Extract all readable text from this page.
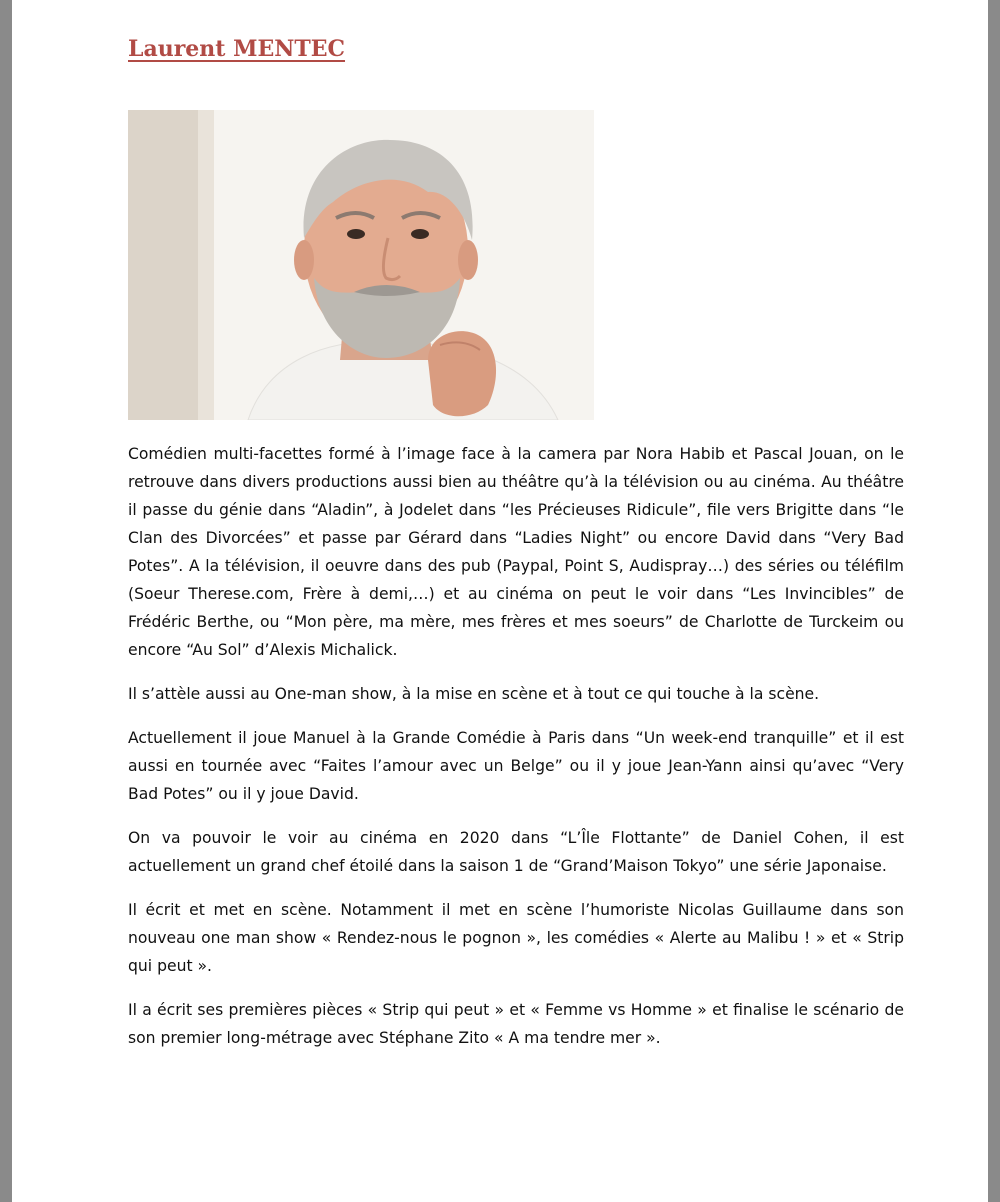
Laurent MENTEC

Comédien multi-facettes formé à l’image face à la camera par Nora Habib et Pascal Jouan, on le retrouve dans divers productions aussi bien au théâtre qu’à la télévision ou au cinéma. Au théâtre il passe du génie dans “Aladin”, à Jodelet dans “les Précieuses Ridicule”, file vers Brigitte dans “le Clan des Divorcées” et passe par Gérard dans “Ladies Night” ou encore David dans “Very Bad Potes”. A la télévision, il oeuvre dans des pub (Paypal, Point S, Audispray…) des séries ou téléfilm (Soeur Therese.com, Frère à demi,…) et au cinéma on peut le voir dans “Les Invincibles” de Frédéric Berthe, ou “Mon père, ma mère, mes frères et mes soeurs” de Charlotte de Turckeim ou encore “Au Sol” d’Alexis Michalick.

Il s’attèle aussi au One-man show, à la mise en scène et à tout ce qui touche à la scène.

Actuellement il joue Manuel à la Grande Comédie à Paris dans “Un week-end tranquille” et il est aussi en tournée avec “Faites l’amour avec un Belge” ou il y joue Jean-Yann ainsi qu’avec “Very Bad Potes” ou il y joue David.

On va pouvoir le voir au cinéma en 2020 dans “L’Île Flottante” de Daniel Cohen, il est actuellement un grand chef étoilé dans la saison 1 de “Grand’Maison Tokyo” une série Japonaise.

Il écrit et met en scène. Notamment il met en scène l’humoriste Nicolas Guillaume dans son nouveau one man show « Rendez-nous le pognon », les comédies « Alerte au Malibu ! » et « Strip qui peut ».

Il a écrit ses premières pièces « Strip qui peut » et « Femme vs Homme » et finalise le scénario de son premier long-métrage avec Stéphane Zito « A ma tendre mer ».
